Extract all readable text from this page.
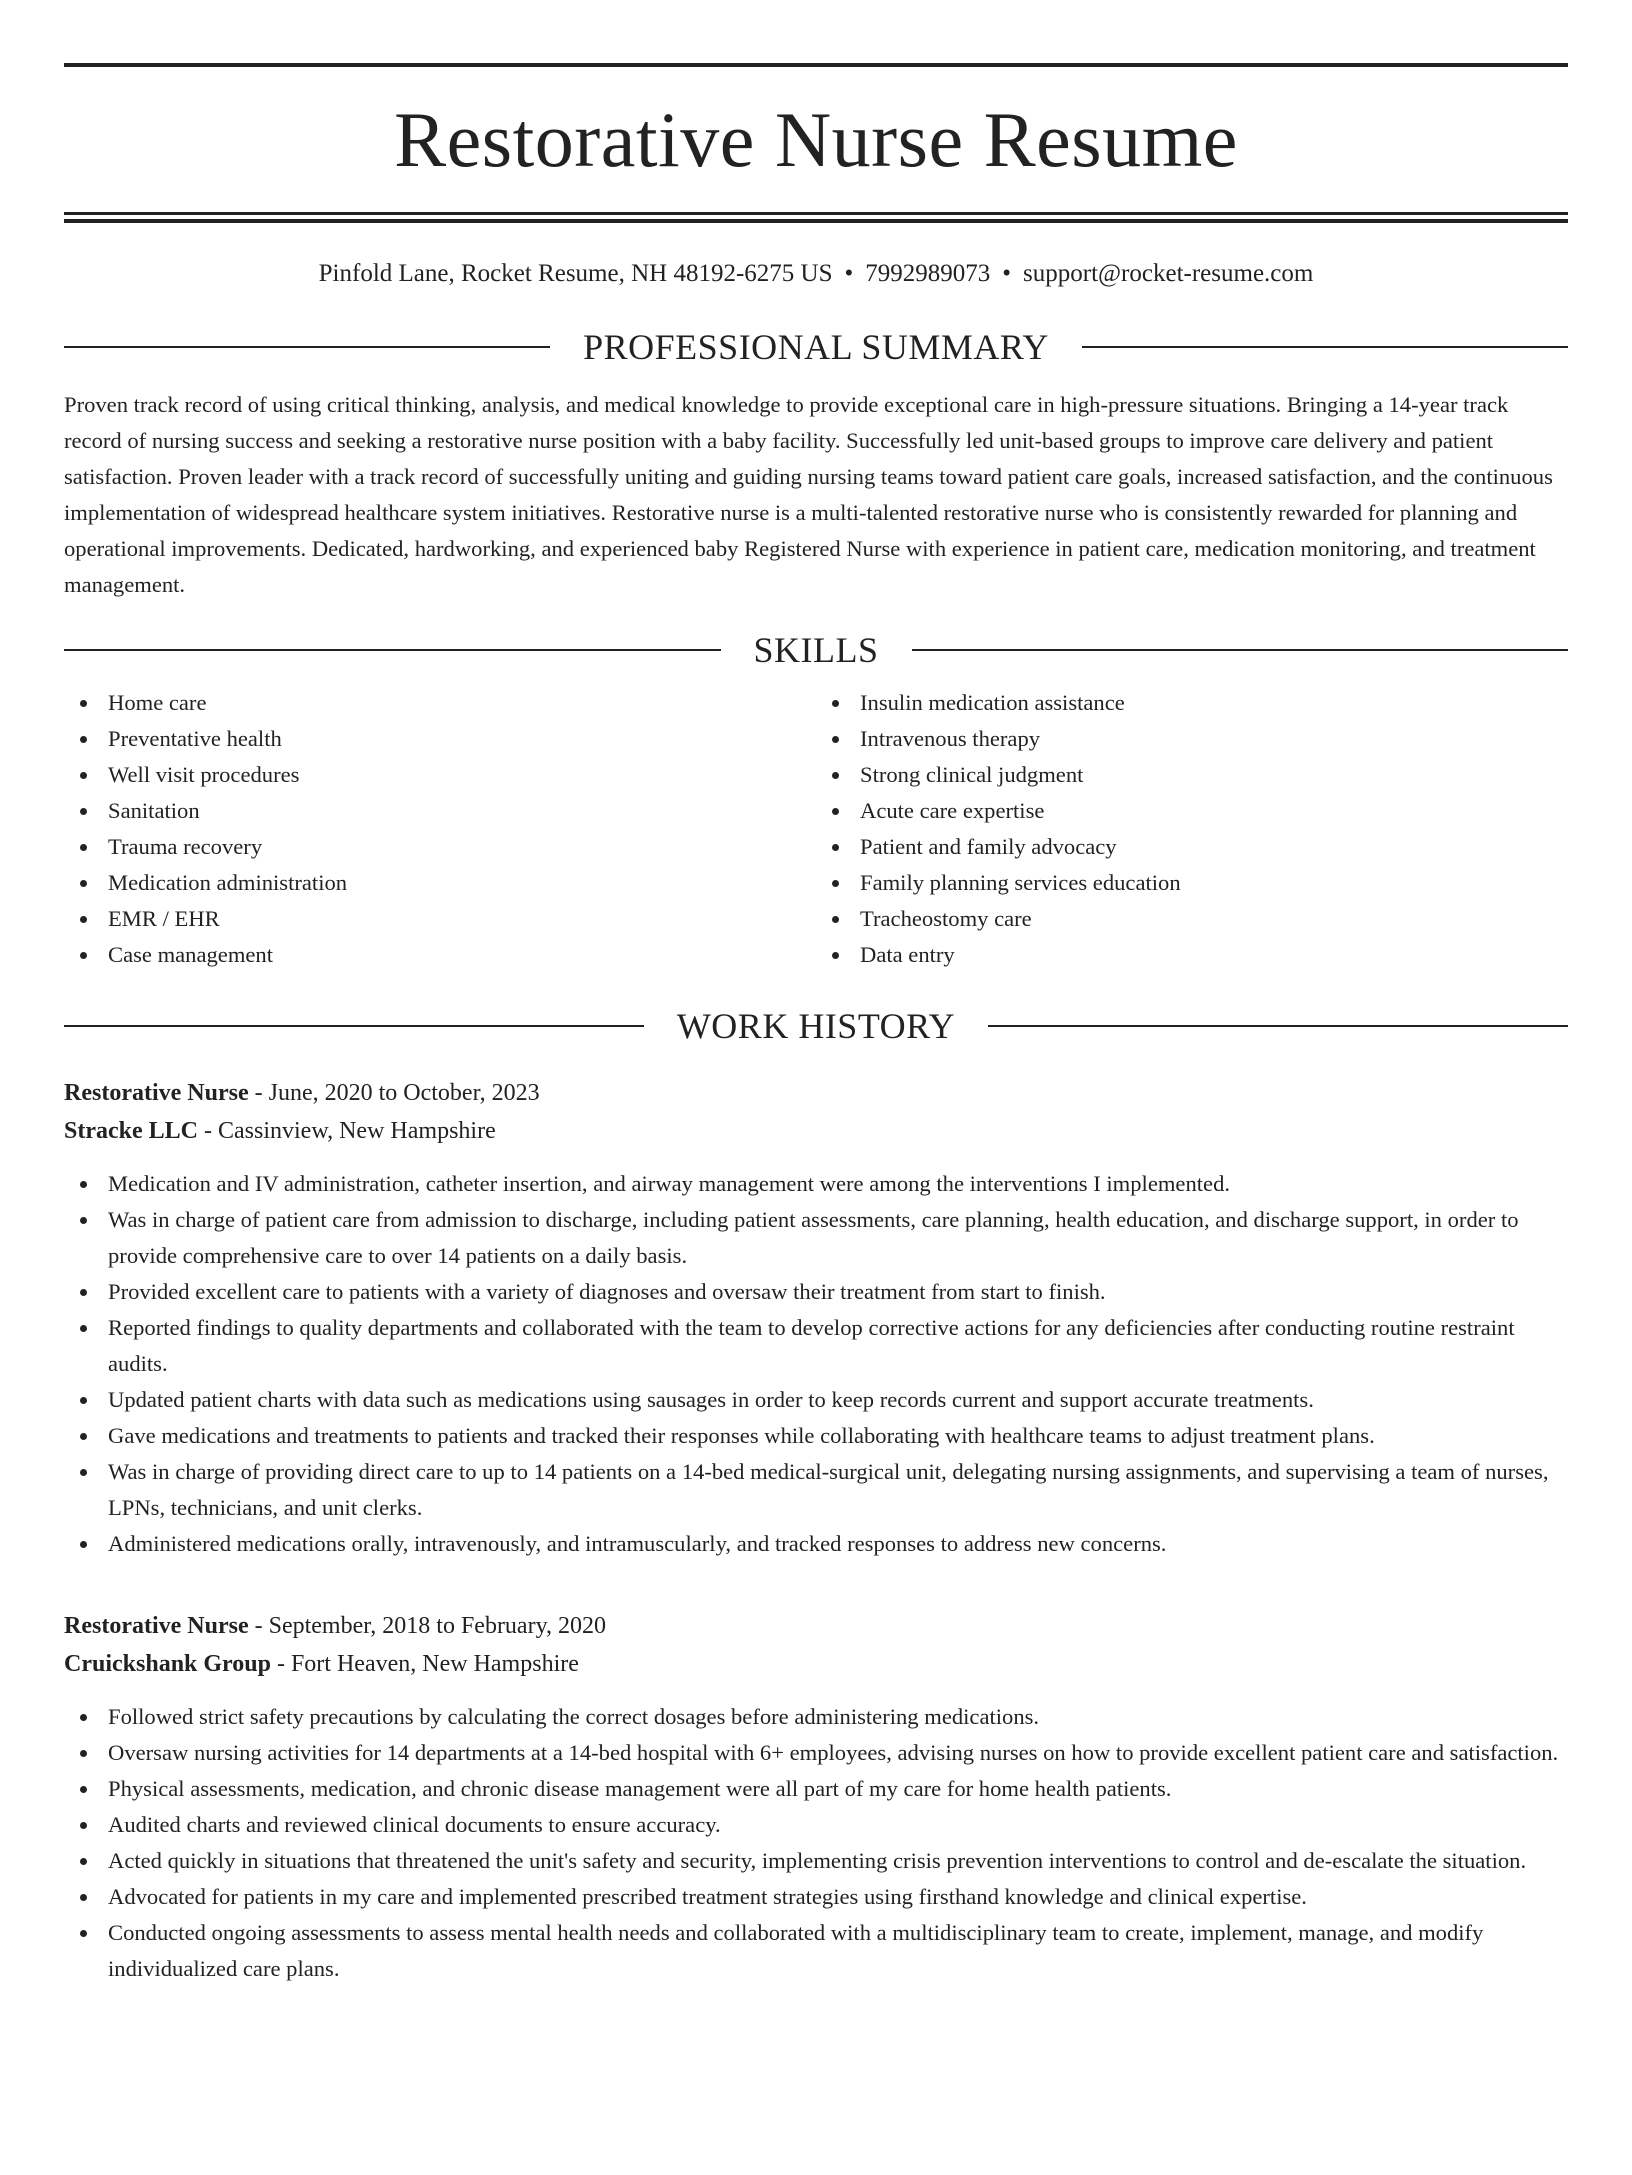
Restorative Nurse Resume
Pinfold Lane, Rocket Resume, NH 48192-6275 US • 7992989073 • support@rocket-resume.com
PROFESSIONAL SUMMARY

Proven track record of using critical thinking, analysis, and medical knowledge to provide exceptional care in high-pressure situations. Bringing a 14-year track record of nursing success and seeking a restorative nurse position with a baby facility. Successfully led unit-based groups to improve care delivery and patient satisfaction. Proven leader with a track record of successfully uniting and guiding nursing teams toward patient care goals, increased satisfaction, and the continuous implementation of widespread healthcare system initiatives. Restorative nurse is a multi-talented restorative nurse who is consistently rewarded for planning and operational improvements. Dedicated, hardworking, and experienced baby Registered Nurse with experience in patient care, medication monitoring, and treatment management.

SKILLS
Home care
Preventative health
Well visit procedures
Sanitation
Trauma recovery
Medication administration
EMR / EHR
Case management
Insulin medication assistance
Intravenous therapy
Strong clinical judgment
Acute care expertise
Patient and family advocacy
Family planning services education
Tracheostomy care
Data entry
WORK HISTORY
Restorative Nurse - June, 2020 to October, 2023
Stracke LLC - Cassinview, New Hampshire
Medication and IV administration, catheter insertion, and airway management were among the interventions I implemented.
Was in charge of patient care from admission to discharge, including patient assessments, care planning, health education, and discharge support, in order to provide comprehensive care to over 14 patients on a daily basis.
Provided excellent care to patients with a variety of diagnoses and oversaw their treatment from start to finish.
Reported findings to quality departments and collaborated with the team to develop corrective actions for any deficiencies after conducting routine restraint audits.
Updated patient charts with data such as medications using sausages in order to keep records current and support accurate treatments.
Gave medications and treatments to patients and tracked their responses while collaborating with healthcare teams to adjust treatment plans.
Was in charge of providing direct care to up to 14 patients on a 14-bed medical-surgical unit, delegating nursing assignments, and supervising a team of nurses, LPNs, technicians, and unit clerks.
Administered medications orally, intravenously, and intramuscularly, and tracked responses to address new concerns.
Restorative Nurse - September, 2018 to February, 2020
Cruickshank Group - Fort Heaven, New Hampshire
Followed strict safety precautions by calculating the correct dosages before administering medications.
Oversaw nursing activities for 14 departments at a 14-bed hospital with 6+ employees, advising nurses on how to provide excellent patient care and satisfaction.
Physical assessments, medication, and chronic disease management were all part of my care for home health patients.
Audited charts and reviewed clinical documents to ensure accuracy.
Acted quickly in situations that threatened the unit's safety and security, implementing crisis prevention interventions to control and de-escalate the situation.
Advocated for patients in my care and implemented prescribed treatment strategies using firsthand knowledge and clinical expertise.
Conducted ongoing assessments to assess mental health needs and collaborated with a multidisciplinary team to create, implement, manage, and modify individualized care plans.
